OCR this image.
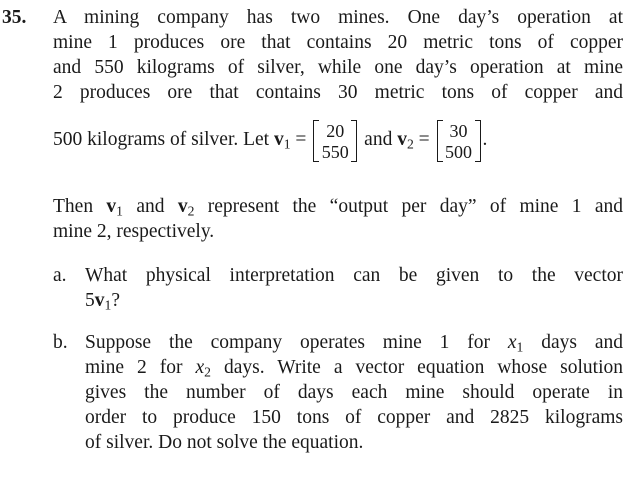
35. A mining company has two mines. One day’s operation at
mine 1 produces ore that contains 20 metric tons of copper
and 550 kilograms of silver, while one day’s operation at mine
2 produces ore that contains 30 metric tons of copper and
500 kilograms of silver. Let $v_1 = 20$
550
and $v_2 = 30$
500
.
Then $v_1$ and $v_2$ represent the “output per day” of mine 1 and
mine 2, respectively.
a. What physical interpretation can be given to the vector
$5v_1$?
b. Suppose the company operates mine 1 for $x_1$ days and
mine 2 for $x_2$ days. Write a vector equation whose solution
gives the number of days each mine should operate in
order to produce 150 tons of copper and 2825 kilograms
of silver. Do not solve the equation.
